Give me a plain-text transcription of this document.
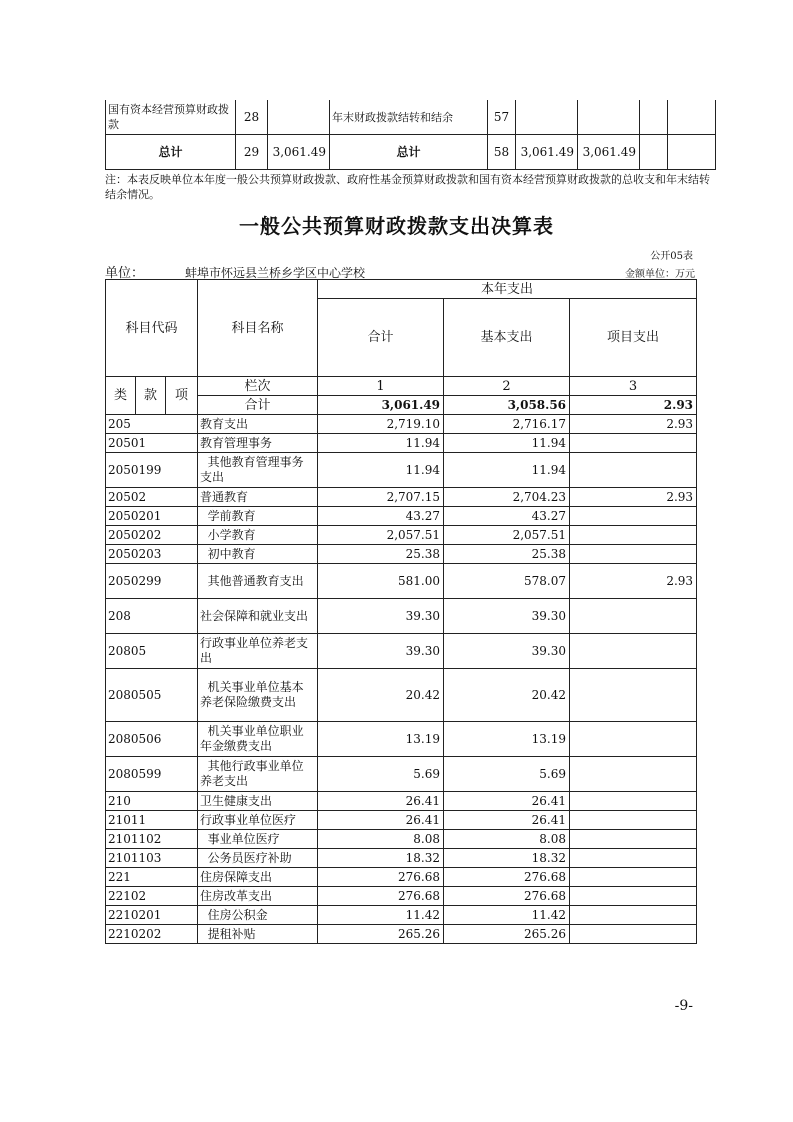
国有资本经营预算财政拨款	28		年末财政拨款结转和结余	57				
总计	29	3,061.49	总计	58	3,061.49	3,061.49		
注：本表反映单位本年度一般公共预算财政拨款、政府性基金预算财政拨款和国有资本经营预算财政拨款的总收支和年末结转结余情况。
一般公共预算财政拨款支出决算表
公开05表
单位：	蚌埠市怀远县兰桥乡学区中心学校	金额单位：万元
科目代码			科目名称	本年支出		
				合计	基本支出	项目支出
类	款	项	栏次	1	2	3
			合计	3,061.49	3,058.56	2.93
205			教育支出	2,719.10	2,716.17	2.93
20501			教育管理事务	11.94	11.94	
2050199			其他教育管理事务支出	11.94	11.94	
20502			普通教育	2,707.15	2,704.23	2.93
2050201			学前教育	43.27	43.27	
2050202			小学教育	2,057.51	2,057.51	
2050203			初中教育	25.38	25.38	
2050299			其他普通教育支出	581.00	578.07	2.93
208			社会保障和就业支出	39.30	39.30	
20805			行政事业单位养老支出	39.30	39.30	
2080505			机关事业单位基本养老保险缴费支出	20.42	20.42	
2080506			机关事业单位职业年金缴费支出	13.19	13.19	
2080599			其他行政事业单位养老支出	5.69	5.69	
210			卫生健康支出	26.41	26.41	
21011			行政事业单位医疗	26.41	26.41	
2101102			事业单位医疗	8.08	8.08	
2101103			公务员医疗补助	18.32	18.32	
221			住房保障支出	276.68	276.68	
22102			住房改革支出	276.68	276.68	
2210201			住房公积金	11.42	11.42	
2210202			提租补贴	265.26	265.26	
-9-
